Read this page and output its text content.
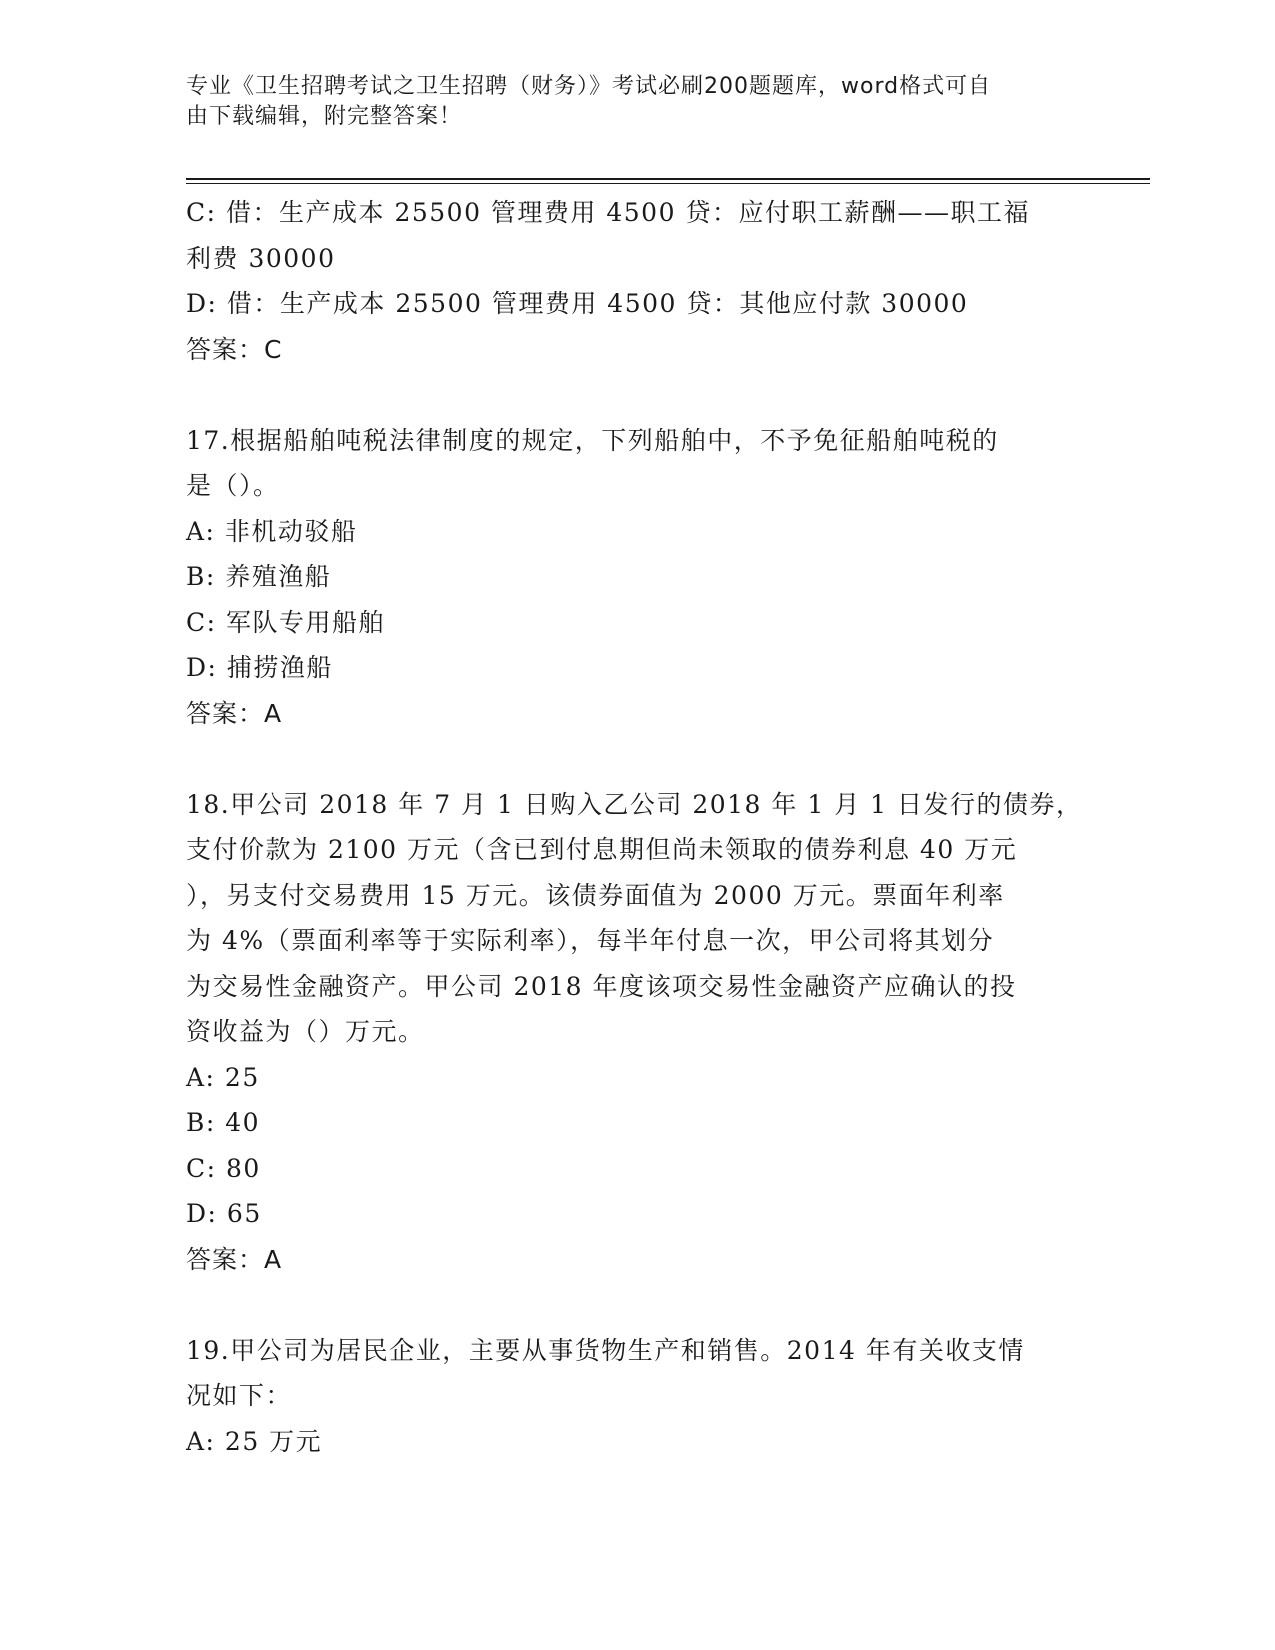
专业《卫生招聘考试之卫生招聘（财务）》考试必刷200题题库，word格式可自
由下载编辑，附完整答案！
C: 借：生产成本 25500 管理费用 4500 贷：应付职工薪酬——职工福
利费 30000
D: 借：生产成本 25500 管理费用 4500 贷：其他应付款 30000
答案：C
17.根据船舶吨税法律制度的规定，下列船舶中，不予免征船舶吨税的
是（）。
A: 非机动驳船
B: 养殖渔船
C: 军队专用船舶
D: 捕捞渔船
答案：A
18.甲公司 2018 年 7 月 1 日购入乙公司 2018 年 1 月 1 日发行的债券，
支付价款为 2100 万元（含已到付息期但尚未领取的债券利息 40 万元
），另支付交易费用 15 万元。该债券面值为 2000 万元。票面年利率
为 4%（票面利率等于实际利率），每半年付息一次，甲公司将其划分
为交易性金融资产。甲公司 2018 年度该项交易性金融资产应确认的投
资收益为（）万元。
A: 25
B: 40
C: 80
D: 65
答案：A
19.甲公司为居民企业，主要从事货物生产和销售。2014 年有关收支情
况如下：
A: 25 万元
